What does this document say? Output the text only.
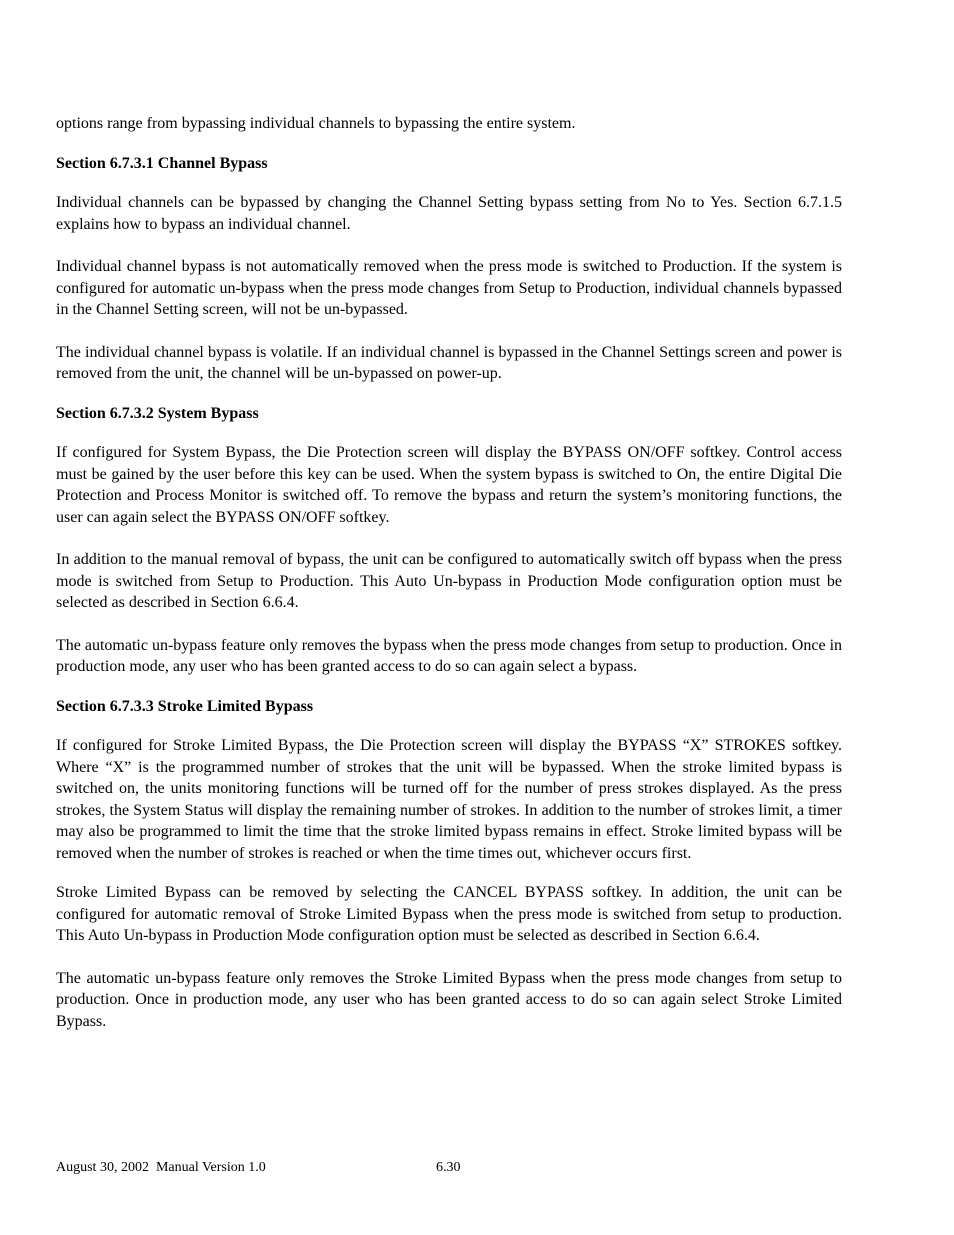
options range from bypassing individual channels to bypassing the entire system.

Section 6.7.3.1 Channel Bypass

Individual channels can be bypassed by changing the Channel Setting bypass setting from No to Yes. Section 6.7.1.5 explains how to bypass an individual channel.

Individual channel bypass is not automatically removed when the press mode is switched to Production. If the system is configured for automatic un-bypass when the press mode changes from Setup to Production, individual channels bypassed in the Channel Setting screen, will not be un-bypassed.

The individual channel bypass is volatile. If an individual channel is bypassed in the Channel Settings screen and power is removed from the unit, the channel will be un-bypassed on power-up.

Section 6.7.3.2 System Bypass

If configured for System Bypass, the Die Protection screen will display the BYPASS ON/OFF softkey. Control access must be gained by the user before this key can be used. When the system bypass is switched to On, the entire Digital Die Protection and Process Monitor is switched off. To remove the bypass and return the system’s monitoring functions, the user can again select the BYPASS ON/OFF softkey.

In addition to the manual removal of bypass, the unit can be configured to automatically switch off bypass when the press mode is switched from Setup to Production. This Auto Un-bypass in Production Mode configuration option must be selected as described in Section 6.6.4.

The automatic un-bypass feature only removes the bypass when the press mode changes from setup to production. Once in production mode, any user who has been granted access to do so can again select a bypass.

Section 6.7.3.3 Stroke Limited Bypass

If configured for Stroke Limited Bypass, the Die Protection screen will display the BYPASS “X” STROKES softkey. Where “X” is the programmed number of strokes that the unit will be bypassed. When the stroke limited bypass is switched on, the units monitoring functions will be turned off for the number of press strokes displayed. As the press strokes, the System Status will display the remaining number of strokes. In addition to the number of strokes limit, a timer may also be programmed to limit the time that the stroke limited bypass remains in effect. Stroke limited bypass will be removed when the number of strokes is reached or when the time times out, whichever occurs first.

Stroke Limited Bypass can be removed by selecting the CANCEL BYPASS softkey. In addition, the unit can be configured for automatic removal of Stroke Limited Bypass when the press mode is switched from setup to production. This Auto Un-bypass in Production Mode configuration option must be selected as described in Section 6.6.4.

The automatic un-bypass feature only removes the Stroke Limited Bypass when the press mode changes from setup to production. Once in production mode, any user who has been granted access to do so can again select Stroke Limited Bypass.

August 30, 2002  Manual Version 1.0	6.30
